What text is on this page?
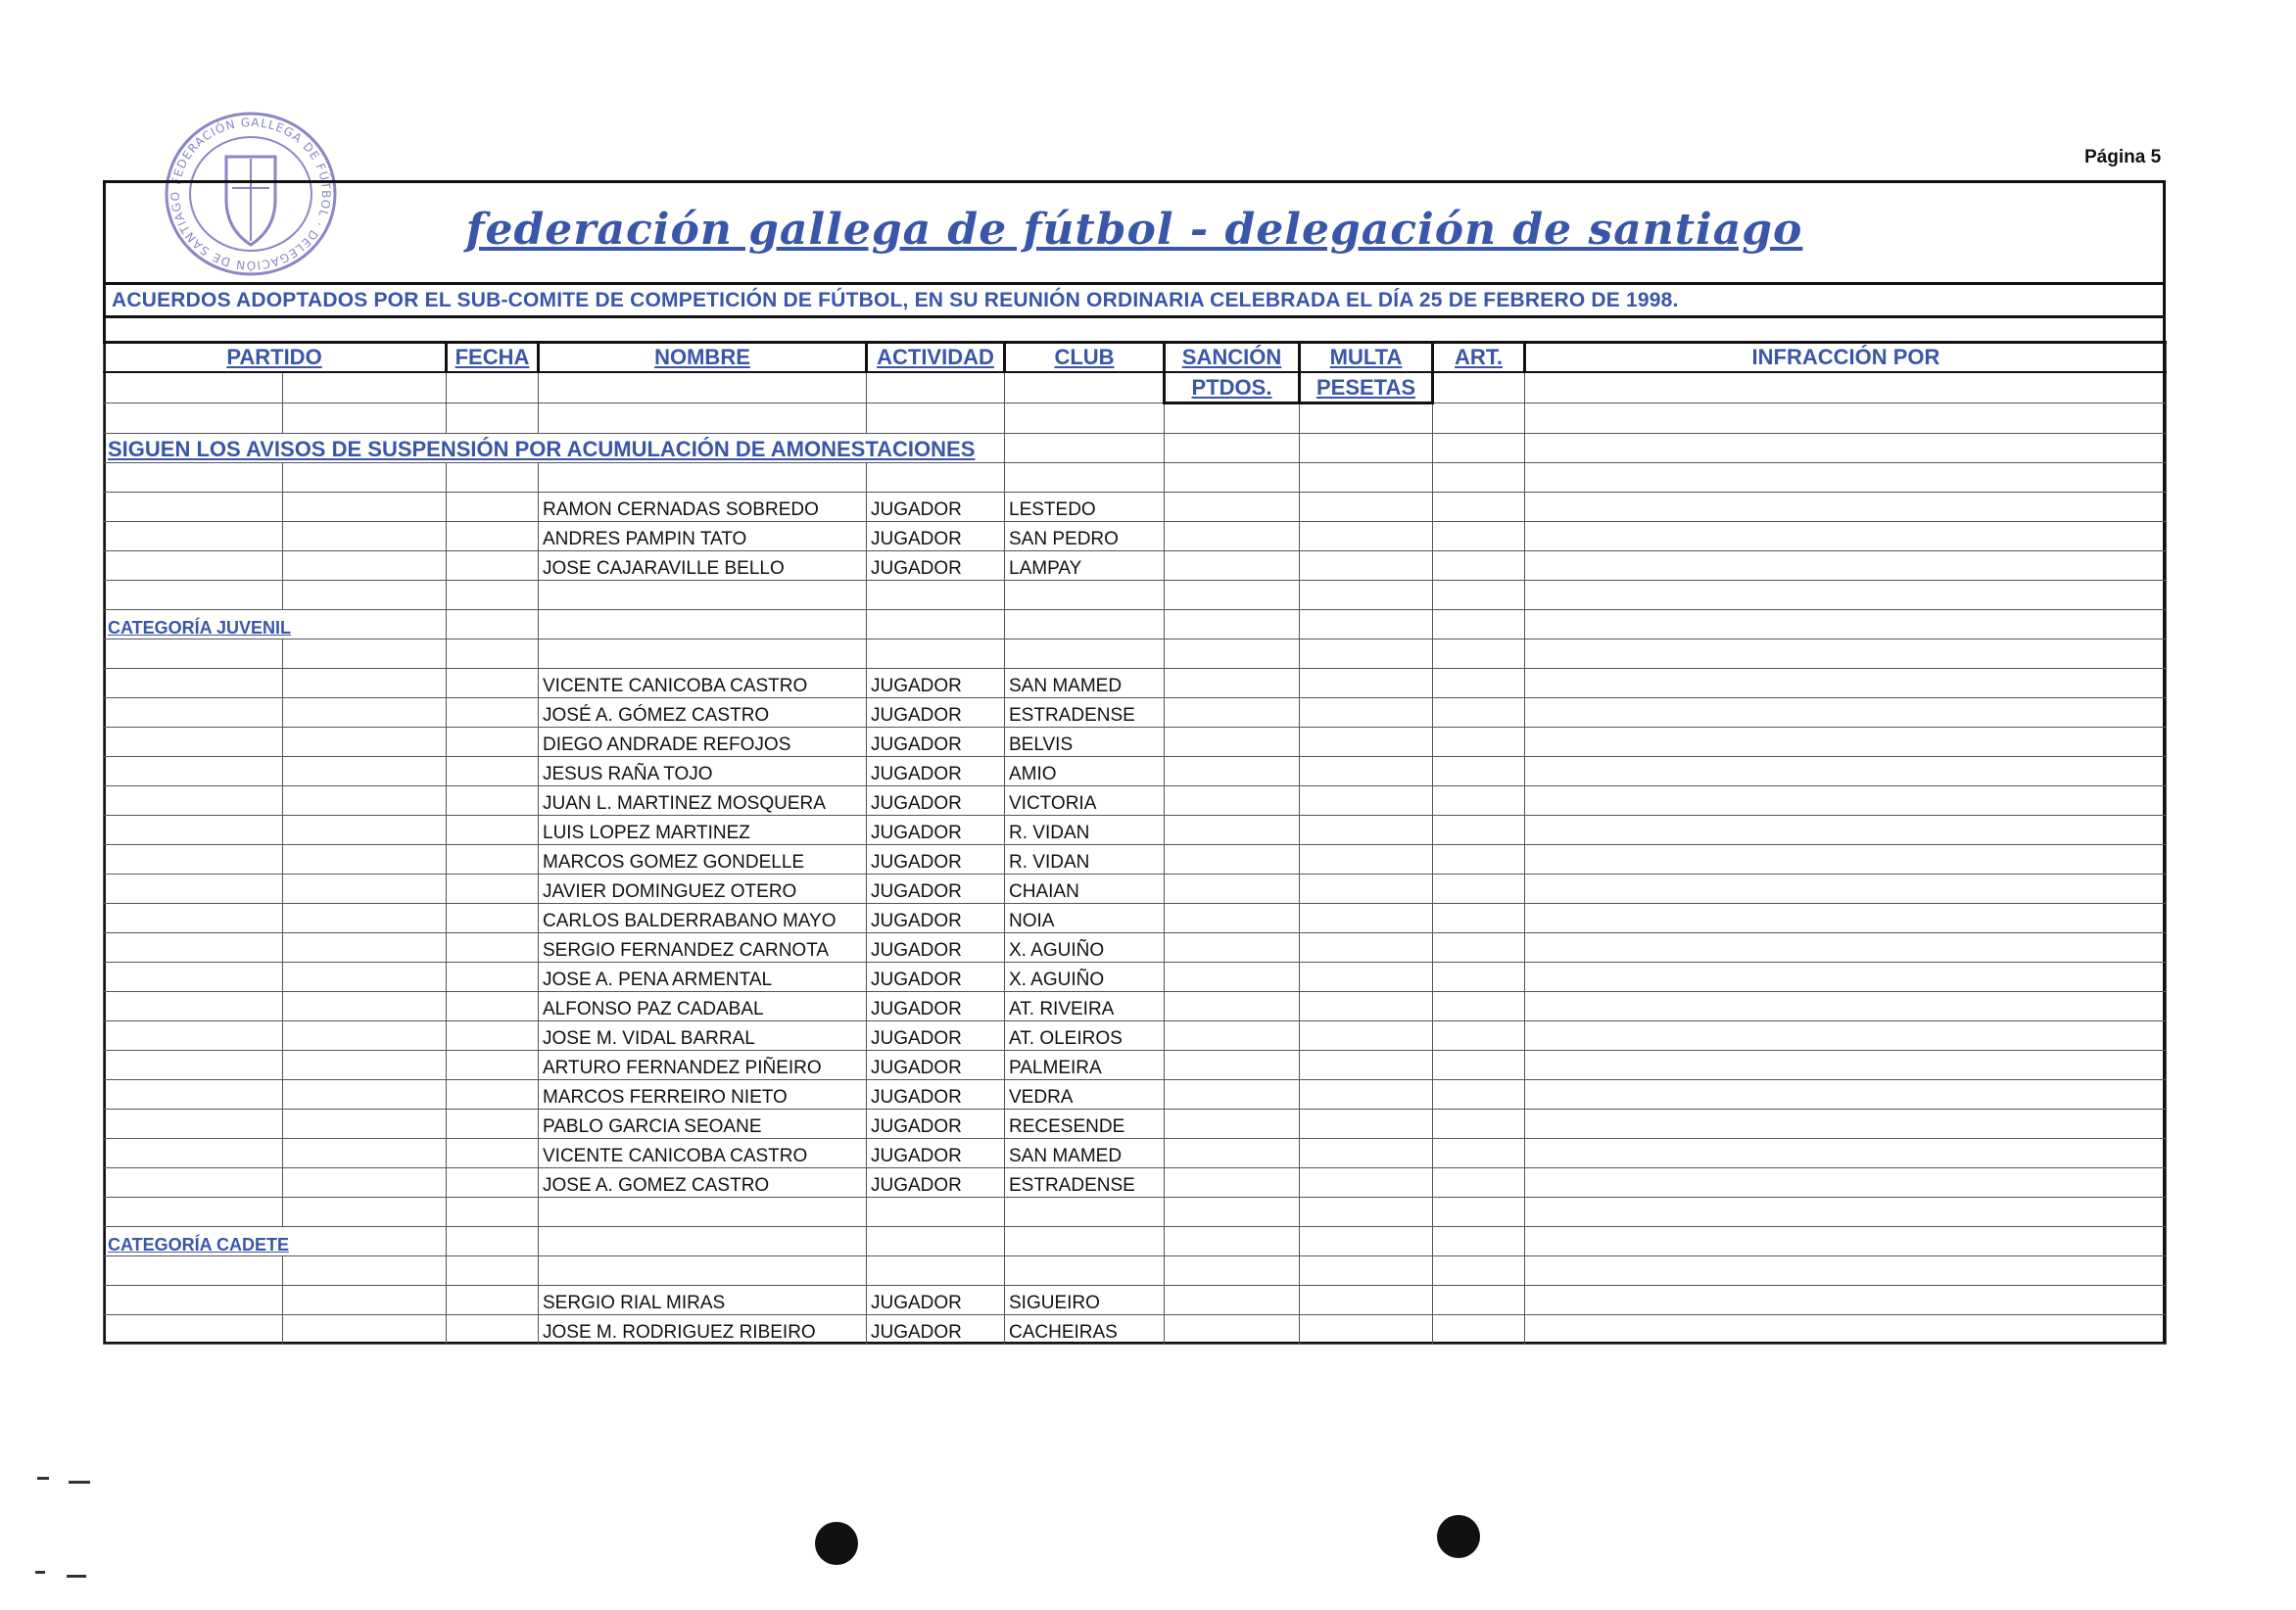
Página 5
FEDERACIÓN GALLEGA DE FÚTBOL · DELEGACIÓN DE SANTIAGO
federación gallega de fútbol - delegación de santiago
ACUERDOS ADOPTADOS POR EL SUB-COMITE DE COMPETICIÓN DE FÚTBOL, EN SU REUNIÓN ORDINARIA CELEBRADA EL DÍA 25 DE FEBRERO DE 1998.
PARTIDO		FECHA	NOMBRE	ACTIVIDAD	CLUB	SANCIÓN	MULTA	ART.	INFRACCIÓN POR
						PTDOS.	PESETAS		

SIGUEN LOS AVISOS DE SUSPENSIÓN POR ACUMULACIÓN DE AMONESTACIONES									

			RAMON CERNADAS SOBREDO	JUGADOR	LESTEDO				
			ANDRES PAMPIN TATO	JUGADOR	SAN PEDRO				
			JOSE CAJARAVILLE BELLO	JUGADOR	LAMPAY				

CATEGORÍA JUVENIL									

			VICENTE CANICOBA CASTRO	JUGADOR	SAN MAMED				
			JOSÉ A. GÓMEZ CASTRO	JUGADOR	ESTRADENSE				
			DIEGO ANDRADE REFOJOS	JUGADOR	BELVIS				
			JESUS RAÑA TOJO	JUGADOR	AMIO				
			JUAN L. MARTINEZ MOSQUERA	JUGADOR	VICTORIA				
			LUIS LOPEZ MARTINEZ	JUGADOR	R. VIDAN				
			MARCOS GOMEZ GONDELLE	JUGADOR	R. VIDAN				
			JAVIER DOMINGUEZ OTERO	JUGADOR	CHAIAN				
			CARLOS BALDERRABANO MAYO	JUGADOR	NOIA				
			SERGIO FERNANDEZ CARNOTA	JUGADOR	X. AGUIÑO				
			JOSE A. PENA ARMENTAL	JUGADOR	X. AGUIÑO				
			ALFONSO PAZ CADABAL	JUGADOR	AT. RIVEIRA				
			JOSE M. VIDAL BARRAL	JUGADOR	AT. OLEIROS				
			ARTURO FERNANDEZ PIÑEIRO	JUGADOR	PALMEIRA				
			MARCOS FERREIRO NIETO	JUGADOR	VEDRA				
			PABLO GARCIA SEOANE	JUGADOR	RECESENDE				
			VICENTE CANICOBA CASTRO	JUGADOR	SAN MAMED				
			JOSE A. GOMEZ CASTRO	JUGADOR	ESTRADENSE				

CATEGORÍA CADETE									

			SERGIO RIAL MIRAS	JUGADOR	SIGUEIRO				
			JOSE M. RODRIGUEZ RIBEIRO	JUGADOR	CACHEIRAS				
